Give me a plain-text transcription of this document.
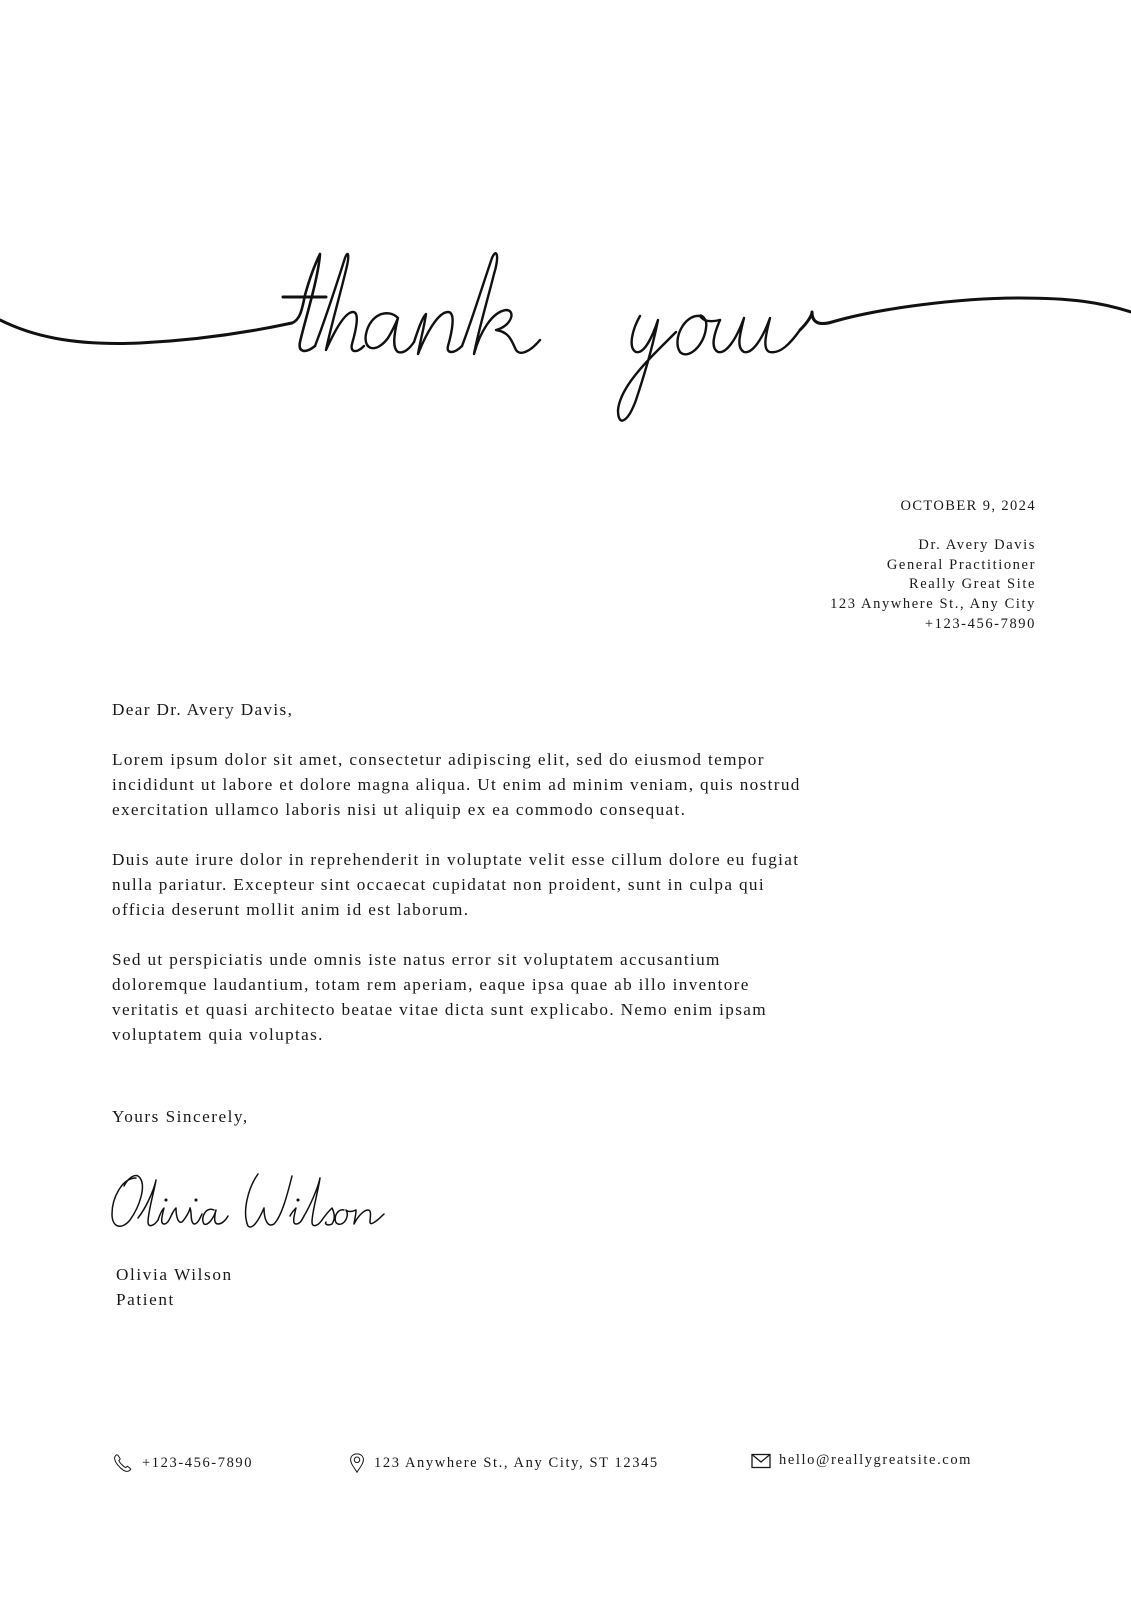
OCTOBER 9, 2024
Dr. Avery Davis
General Practitioner
Really Great Site
123 Anywhere St., Any City
+123-456-7890

Dear Dr. Avery Davis,

Lorem ipsum dolor sit amet, consectetur adipiscing elit, sed do eiusmod tempor incididunt ut labore et dolore magna aliqua. Ut enim ad minim veniam, quis nostrud exercitation ullamco laboris nisi ut aliquip ex ea commodo consequat.

Duis aute irure dolor in reprehenderit in voluptate velit esse cillum dolore eu fugiat nulla pariatur. Excepteur sint occaecat cupidatat non proident, sunt in culpa qui officia deserunt mollit anim id est laborum.

Sed ut perspiciatis unde omnis iste natus error sit voluptatem accusantium doloremque laudantium, totam rem aperiam, eaque ipsa quae ab illo inventore veritatis et quasi architecto beatae vitae dicta sunt explicabo. Nemo enim ipsam voluptatem quia voluptas.

Yours Sincerely,
Olivia Wilson
Patient
+123-456-7890	123 Anywhere St., Any City, ST 12345	hello@reallygreatsite.com
